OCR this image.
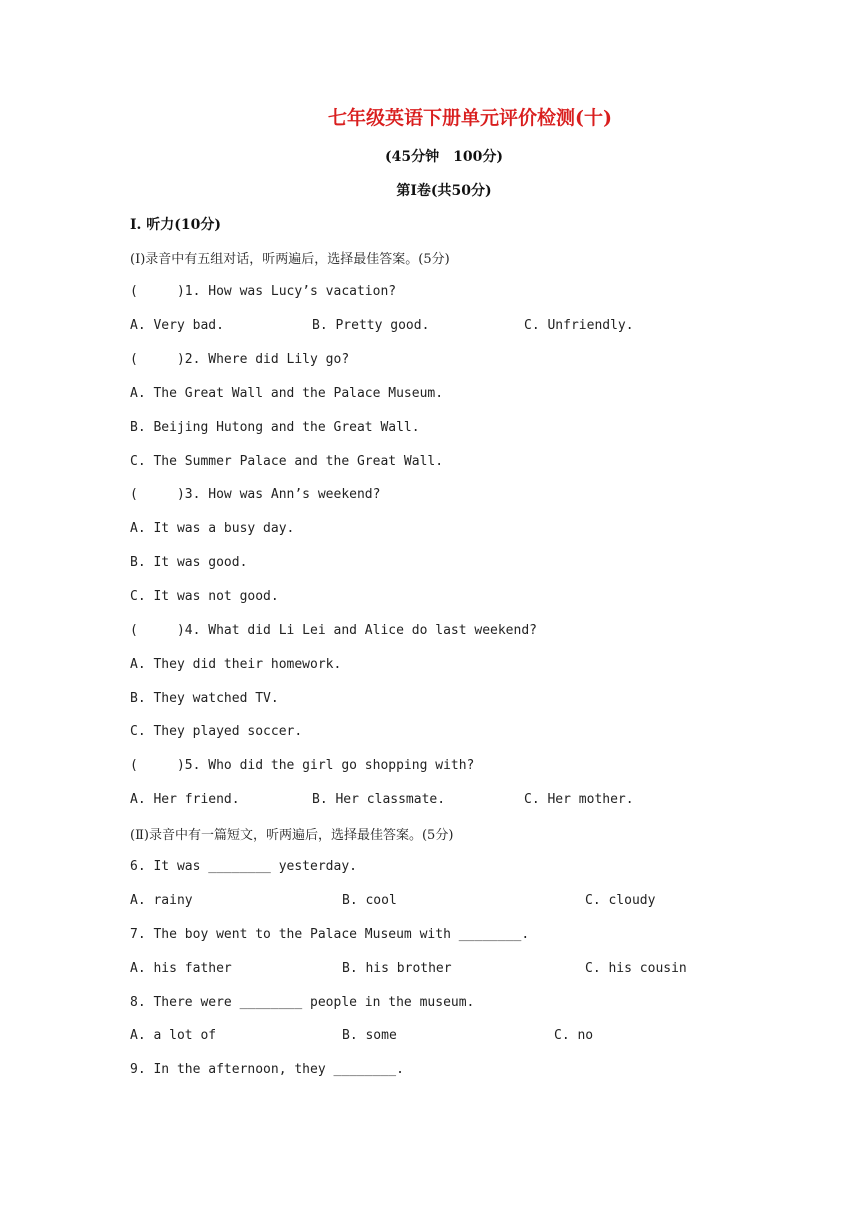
七年级英语下册单元评价检测(十)
(45分钟　100分)
第Ⅰ卷(共50分)
Ⅰ. 听力(10分)
(Ⅰ)录音中有五组对话，听两遍后，选择最佳答案。(5分)
(     )1. How was Lucy’s vacation?
A. Very bad.	B. Pretty good.	C. Unfriendly.
(     )2. Where did Lily go?
A. The Great Wall and the Palace Museum.
B. Beijing Hutong and the Great Wall.
C. The Summer Palace and the Great Wall.
(     )3. How was Ann’s weekend?
A. It was a busy day.
B. It was good.
C. It was not good.
(     )4. What did Li Lei and Alice do last weekend?
A. They did their homework.
B. They watched TV.
C. They played soccer.
(     )5. Who did the girl go shopping with?
A. Her friend.	B. Her classmate.	C. Her mother.
(Ⅱ)录音中有一篇短文，听两遍后，选择最佳答案。(5分)
6. It was ________ yesterday.
A. rainy	B. cool	C. cloudy
7. The boy went to the Palace Museum with ________.
A. his father	B. his brother	C. his cousin
8. There were ________ people in the museum.
A. a lot of	B. some	C. no
9. In the afternoon, they ________.
